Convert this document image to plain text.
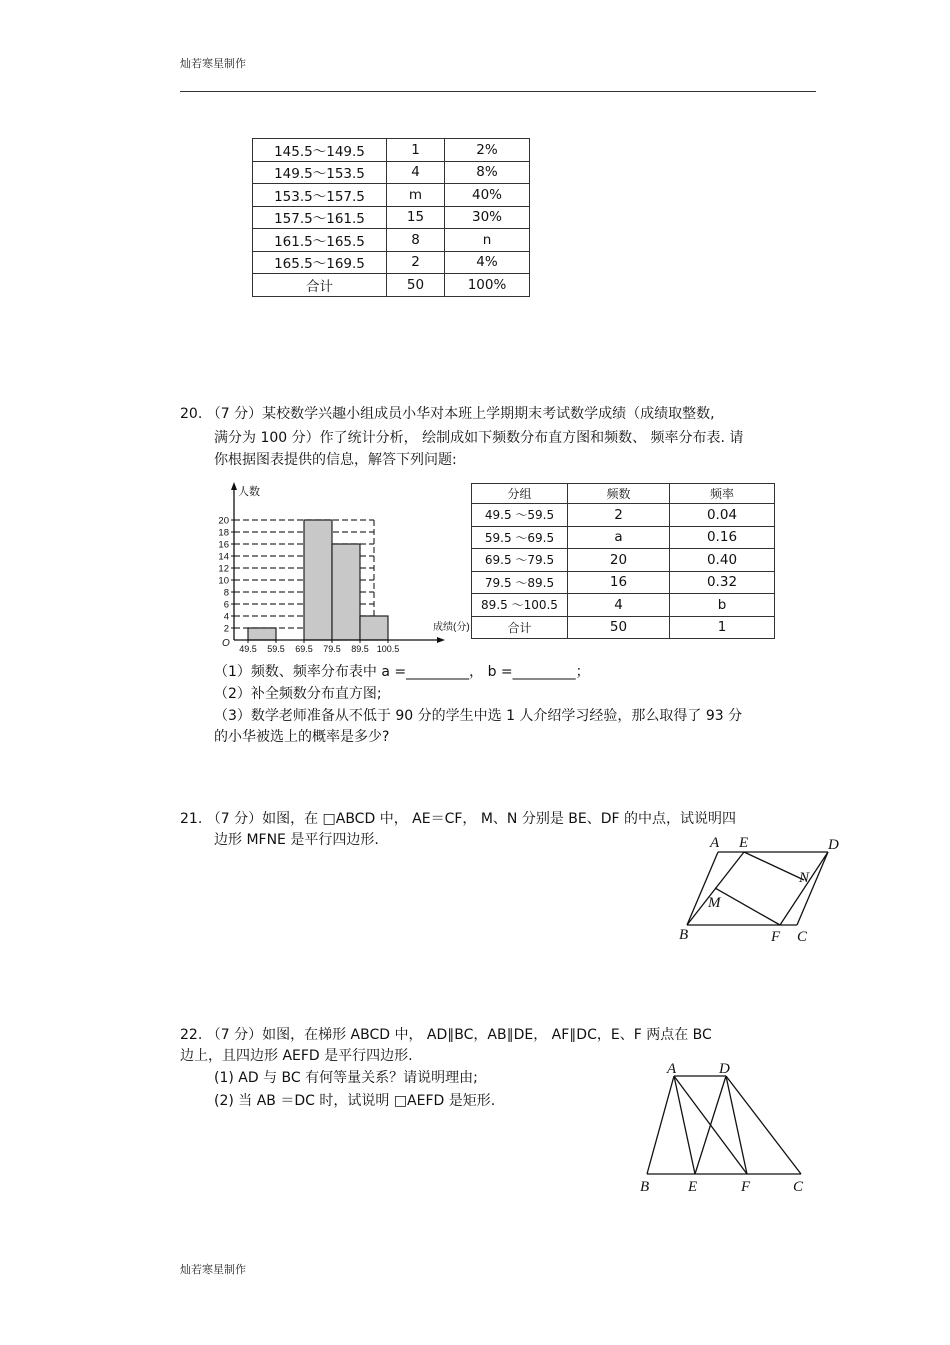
灿若寒星制作
145.5～149.5	1	2%
149.5～153.5	4	8%
153.5～157.5	m	40%
157.5～161.5	15	30%
161.5～165.5	8	n
165.5～169.5	2	4%
合计	50	100%
20. （7 分）某校数学兴趣小组成员小华对本班上学期期末考试数学成绩（成绩取整数,
满分为 100 分）作了统计分析， 绘制成如下频数分布直方图和频数、 频率分布表. 请
你根据图表提供的信息，解答下列问题:
2
4
6
8
10
12
14
16
18
20
49.5 59.5 69.5 79.5 89.5 100.5
人数
成绩(分)
O
分组	频数	频率
49.5 ～59.5	2	0.04
59.5 ～69.5	a	0.16
69.5 ～79.5	20	0.40
79.5 ～89.5	16	0.32
89.5 ～100.5	4	b
合计	50	1
（1）频数、频率分布表中 a =_________， b =_________；
（2）补全频数分布直方图;
（3）数学老师准备从不低于 90 分的学生中选 1 人介绍学习经验，那么取得了 93 分
的小华被选上的概率是多少?
21. （7 分）如图，在 □ABCD 中， AE＝CF， M、N 分别是 BE、DF 的中点，试说明四
边形 MFNE 是平行四边形.	A E	D
N
M
B	F C
22. （7 分）如图，在梯形 ABCD 中， AD∥BC，AB∥DE， AF∥DC，E、F 两点在 BC
边上，且四边形 AEFD 是平行四边形.
(1) AD 与 BC 有何等量关系？请说明理由;
(2) 当 AB ＝DC 时，试说明 □AEFD 是矩形.
A	D
B	E	F	C
灿若寒星制作
